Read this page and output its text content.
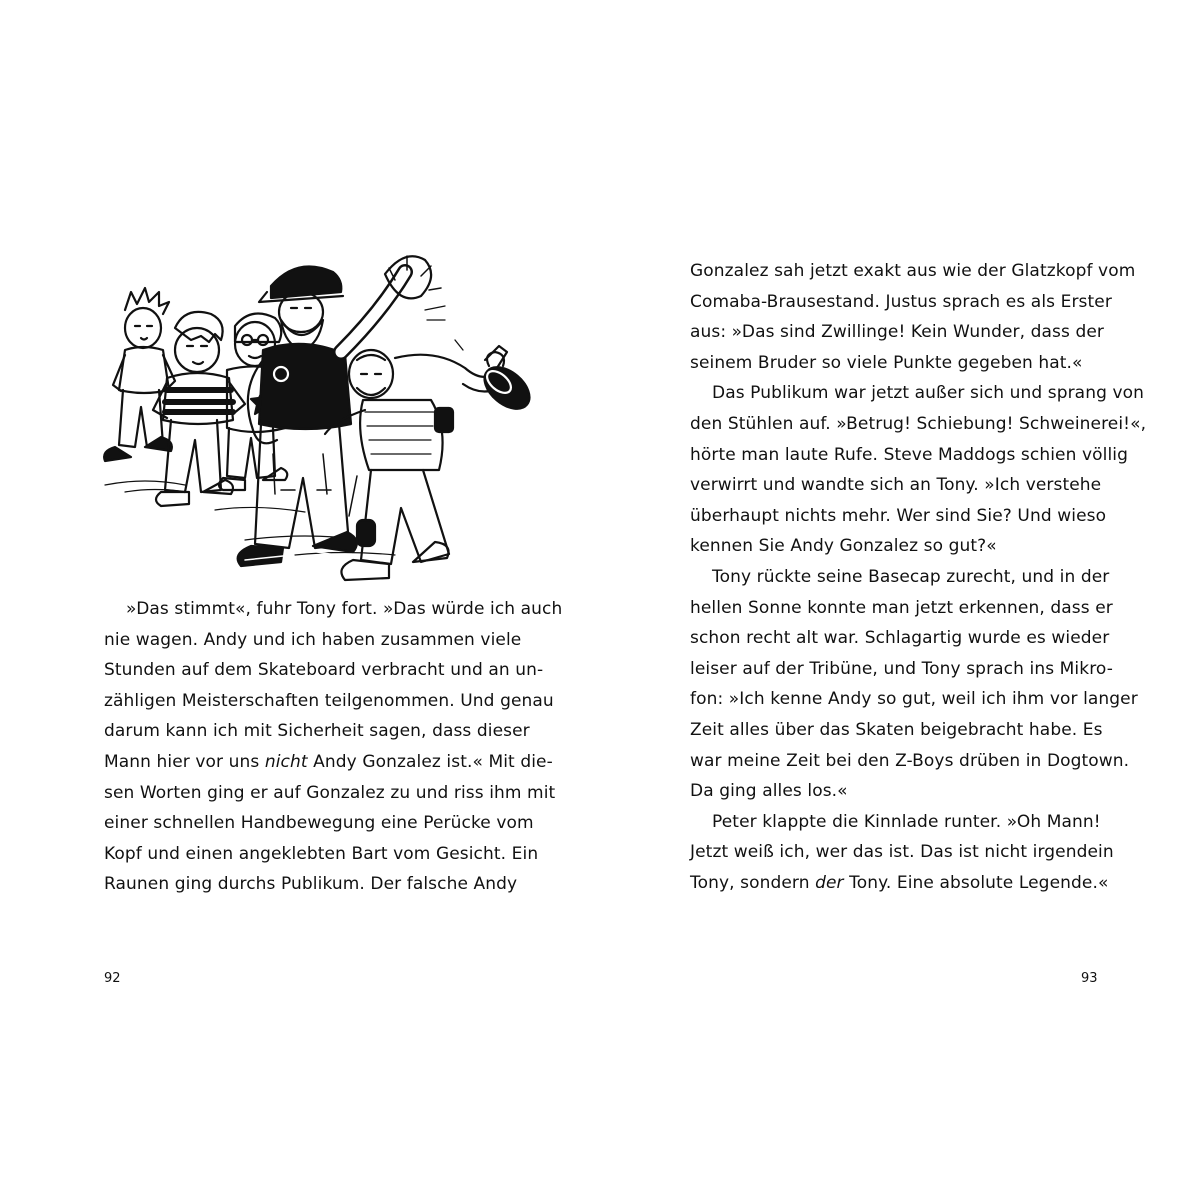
»Das stimmt«, fuhr Tony fort. »Das würde ich auch
nie wagen. Andy und ich haben zusammen viele
Stunden auf dem Skateboard verbracht und an un-
zähligen Meisterschaften teilgenommen. Und genau
darum kann ich mit Sicherheit sagen, dass dieser
Mann hier vor uns nicht Andy Gonzalez ist.« Mit die-
sen Worten ging er auf Gonzalez zu und riss ihm mit
einer schnellen Handbewegung eine Perücke vom
Kopf und einen angeklebten Bart vom Gesicht. Ein
Raunen ging durchs Publikum. Der falsche Andy
92
Gonzalez sah jetzt exakt aus wie der Glatzkopf vom
Comaba-Brausestand. Justus sprach es als Erster
aus: »Das sind Zwillinge! Kein Wunder, dass der
seinem Bruder so viele Punkte gegeben hat.«
Das Publikum war jetzt außer sich und sprang von
den Stühlen auf. »Betrug! Schiebung! Schweinerei!«,
hörte man laute Rufe. Steve Maddogs schien völlig
verwirrt und wandte sich an Tony. »Ich verstehe
überhaupt nichts mehr. Wer sind Sie? Und wieso
kennen Sie Andy Gonzalez so gut?«
Tony rückte seine Basecap zurecht, und in der
hellen Sonne konnte man jetzt erkennen, dass er
schon recht alt war. Schlagartig wurde es wieder
leiser auf der Tribüne, und Tony sprach ins Mikro-
fon: »Ich kenne Andy so gut, weil ich ihm vor langer
Zeit alles über das Skaten beigebracht habe. Es
war meine Zeit bei den Z-Boys drüben in Dogtown.
Da ging alles los.«
Peter klappte die Kinnlade runter. »Oh Mann!
Jetzt weiß ich, wer das ist. Das ist nicht irgendein
Tony, sondern der Tony. Eine absolute Legende.«
93
